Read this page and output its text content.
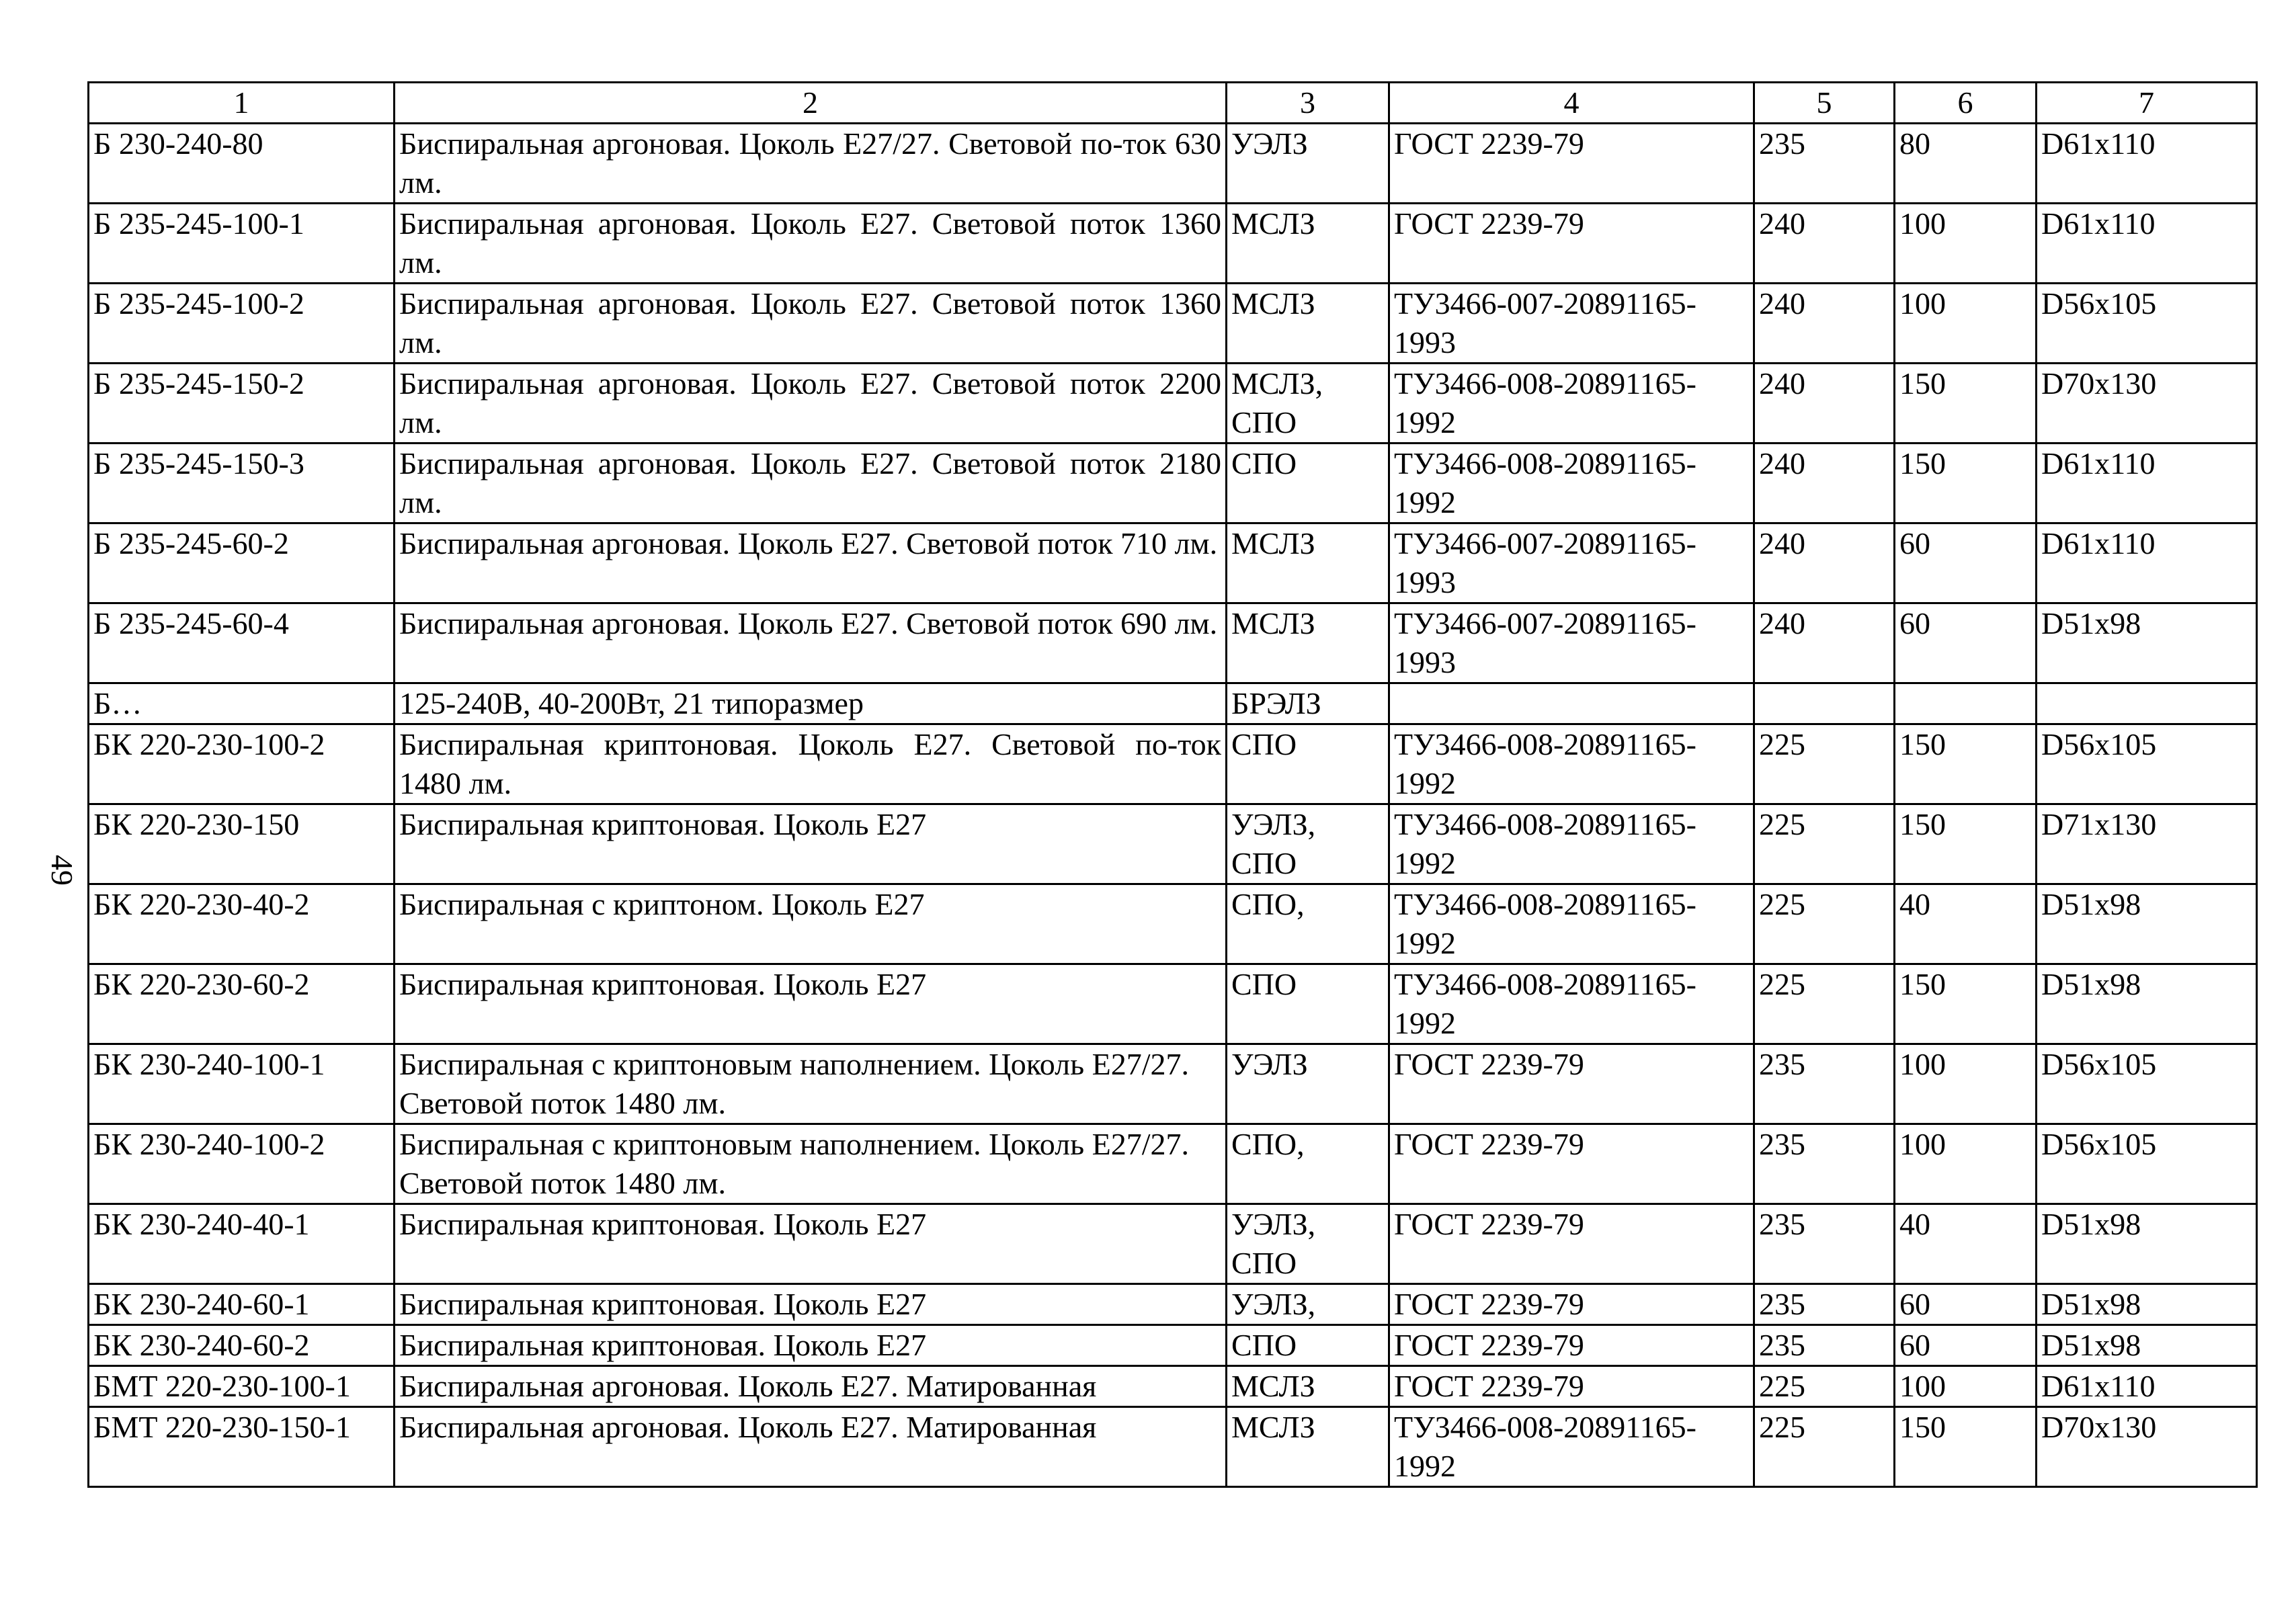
49
1	2	3	4	5	6	7
Б 230-240-80	Биспиральная аргоновая. Цоколь E27/27. Световой по-ток 630 лм.	УЭЛЗ	ГОСТ 2239-79	235	80	D61x110
Б 235-245-100-1	Биспиральная аргоновая. Цоколь E27. Световой поток 1360 лм.	МСЛЗ	ГОСТ 2239-79	240	100	D61x110
Б 235-245-100-2	Биспиральная аргоновая. Цоколь E27. Световой поток 1360 лм.	МСЛЗ	ТУ3466-007-20891165-1993	240	100	D56x105
Б 235-245-150-2	Биспиральная аргоновая. Цоколь E27. Световой поток 2200 лм.	МСЛЗ, СПО	ТУ3466-008-20891165-1992	240	150	D70x130
Б 235-245-150-3	Биспиральная аргоновая. Цоколь E27. Световой поток 2180 лм.	СПО	ТУ3466-008-20891165-1992	240	150	D61x110
Б 235-245-60-2	Биспиральная аргоновая. Цоколь E27. Световой поток 710 лм.	МСЛЗ	ТУ3466-007-20891165-1993	240	60	D61x110
Б 235-245-60-4	Биспиральная аргоновая. Цоколь E27. Световой поток 690 лм.	МСЛЗ	ТУ3466-007-20891165-1993	240	60	D51x98
Б…	125-240В, 40-200Вт, 21 типоразмер	БРЭЛЗ				
БК 220-230-100-2	Биспиральная криптоновая. Цоколь E27. Световой по-ток 1480 лм.	СПО	ТУ3466-008-20891165-1992	225	150	D56x105
БК 220-230-150	Биспиральная криптоновая. Цоколь E27	УЭЛЗ, СПО	ТУ3466-008-20891165-1992	225	150	D71x130
БК 220-230-40-2	Биспиральная с криптоном. Цоколь E27	СПО,	ТУ3466-008-20891165-1992	225	40	D51x98
БК 220-230-60-2	Биспиральная криптоновая. Цоколь E27	СПО	ТУ3466-008-20891165-1992	225	150	D51x98
БК 230-240-100-1	Биспиральная с криптоновым наполнением. Цоколь E27/27. Световой поток 1480 лм.	УЭЛЗ	ГОСТ 2239-79	235	100	D56x105
БК 230-240-100-2	Биспиральная с криптоновым наполнением. Цоколь E27/27. Световой поток 1480 лм.	СПО,	ГОСТ 2239-79	235	100	D56x105
БК 230-240-40-1	Биспиральная криптоновая. Цоколь E27	УЭЛЗ, СПО	ГОСТ 2239-79	235	40	D51x98
БК 230-240-60-1	Биспиральная криптоновая. Цоколь E27	УЭЛЗ,	ГОСТ 2239-79	235	60	D51x98
БК 230-240-60-2	Биспиральная криптоновая. Цоколь E27	СПО	ГОСТ 2239-79	235	60	D51x98
БМТ 220-230-100-1	Биспиральная аргоновая. Цоколь E27. Матированная	МСЛЗ	ГОСТ 2239-79	225	100	D61x110
БМТ 220-230-150-1	Биспиральная аргоновая. Цоколь E27. Матированная	МСЛЗ	ТУ3466-008-20891165-1992	225	150	D70x130
